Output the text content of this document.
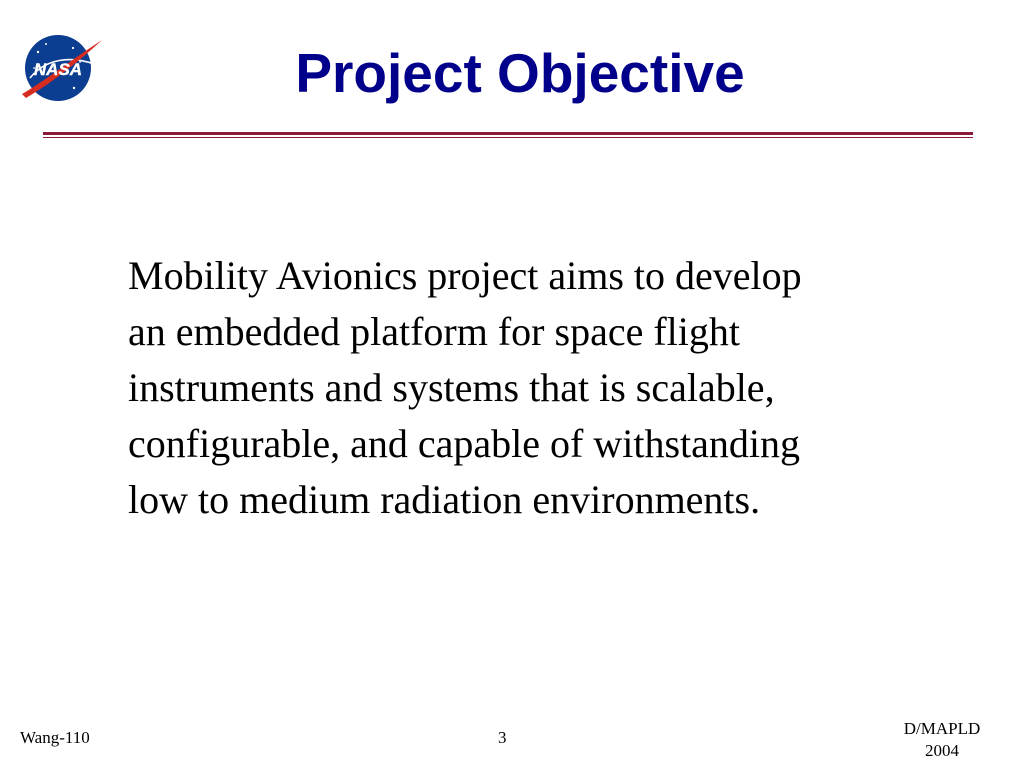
NASA	Project Objective

Mobility Avionics project aims to develop
an embedded platform for space flight
instruments and systems that is scalable,
configurable, and capable of withstanding
low to medium radiation environments.

Wang-110	3	D/MAPLD
2004
